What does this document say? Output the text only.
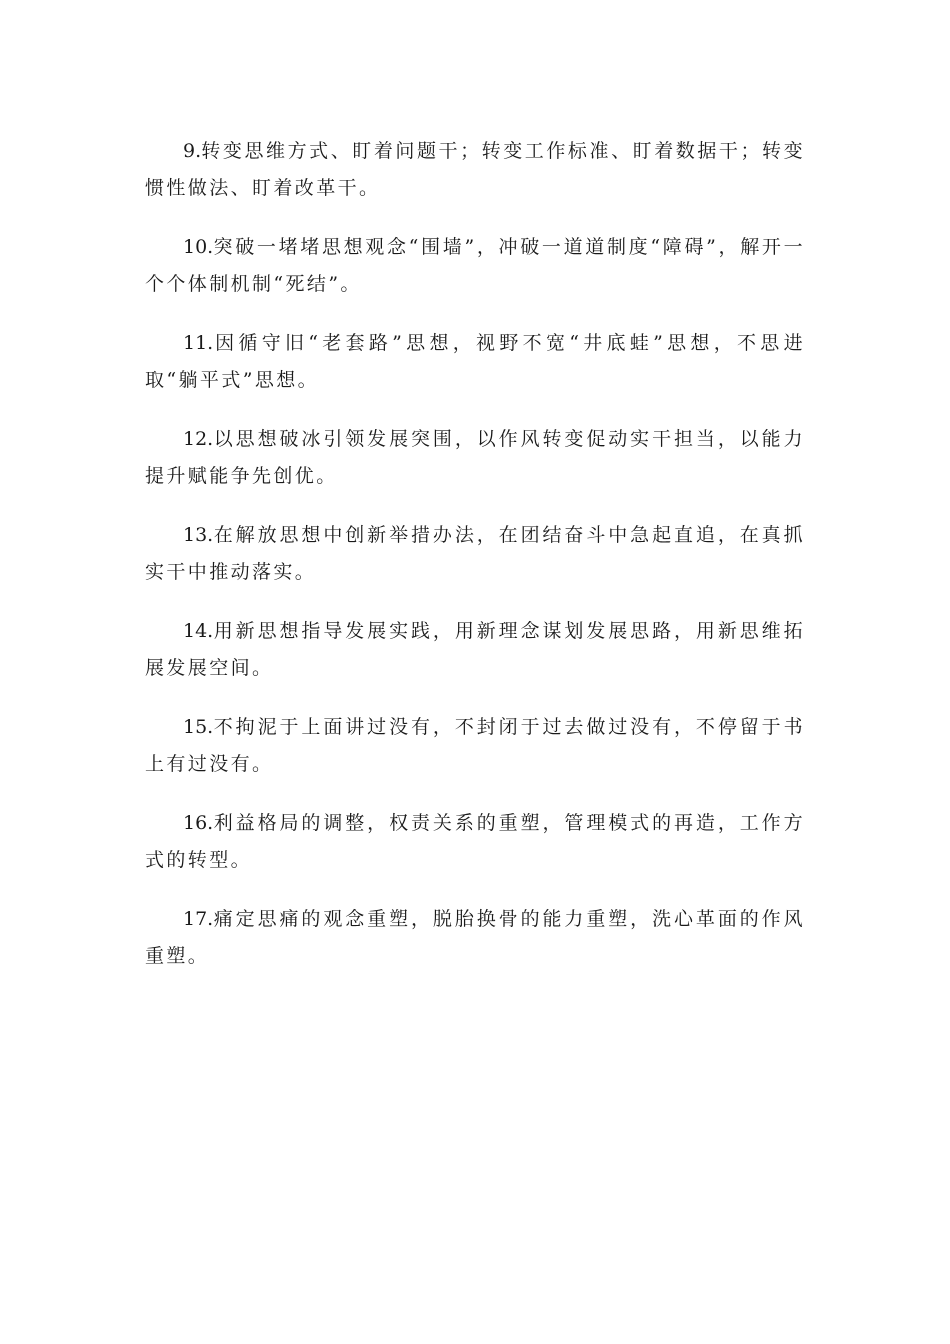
9.转变思维方式、盯着问题干；转变工作标准、盯着数据干；转变惯性做法、盯着改革干。

10.突破一堵堵思想观念“围墙”，冲破一道道制度“障碍”，解开一个个体制机制“死结”。

11.因循守旧“老套路”思想，视野不宽“井底蛙”思想，不思进取“躺平式”思想。

12.以思想破冰引领发展突围，以作风转变促动实干担当，以能力提升赋能争先创优。

13.在解放思想中创新举措办法，在团结奋斗中急起直追，在真抓实干中推动落实。

14.用新思想指导发展实践，用新理念谋划发展思路，用新思维拓展发展空间。

15.不拘泥于上面讲过没有，不封闭于过去做过没有，不停留于书上有过没有。

16.利益格局的调整，权责关系的重塑，管理模式的再造，工作方式的转型。

17.痛定思痛的观念重塑，脱胎换骨的能力重塑，洗心革面的作风重塑。
